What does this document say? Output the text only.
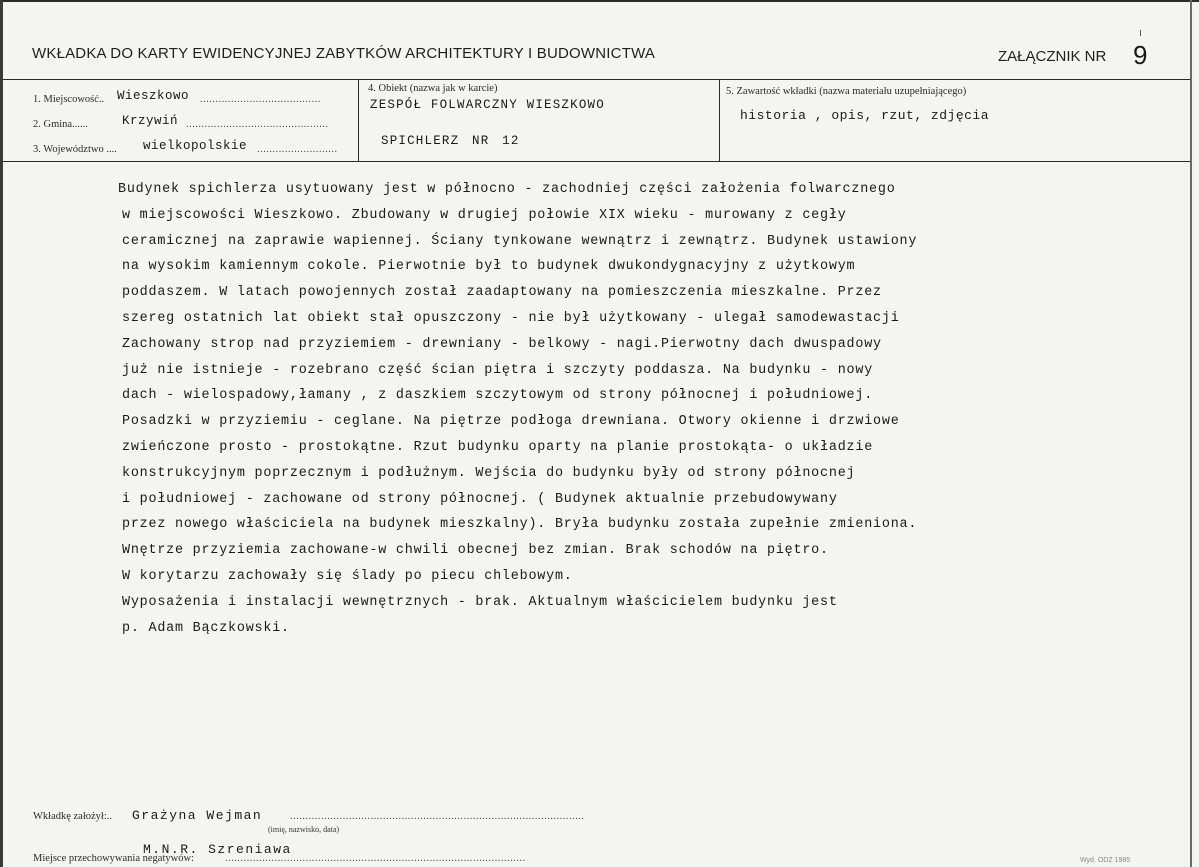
WKŁADKA DO KARTY EWIDENCYJNEJ ZABYTKÓW ARCHITEKTURY I BUDOWNICTWA	ZAŁĄCZNIK NR 9
1. Miejscowość.. Wieszkowo .......................................
2. Gmina......	Krzywiń ..............................................
3. Województwo .... wielkopolskie ..........................
4. Obiekt (nazwa jak w karcie)
ZESPÓŁ FOLWARCZNY WIESZKOWO
SPICHLERZ NR 12
5. Zawartość wkładki (nazwa materiału uzupełniającego)
historia , opis, rzut, zdjęcia
Budynek spichlerza usytuowany jest w północno - zachodniej części założenia folwarcznego
w miejscowości Wieszkowo. Zbudowany w drugiej połowie XIX wieku - murowany z cegły
ceramicznej na zaprawie wapiennej. Ściany tynkowane wewnątrz i zewnątrz. Budynek ustawiony
na wysokim kamiennym cokole. Pierwotnie był to budynek dwukondygnacyjny z użytkowym
poddaszem. W latach powojennych został zaadaptowany na pomieszczenia mieszkalne. Przez
szereg ostatnich lat obiekt stał opuszczony - nie był użytkowany - ulegał samodewastacji
Zachowany strop nad przyziemiem - drewniany - belkowy - nagi.Pierwotny dach dwuspadowy
już nie istnieje - rozebrano część ścian piętra i szczyty poddasza. Na budynku - nowy
dach - wielospadowy,łamany , z daszkiem szczytowym od strony północnej i południowej.
Posadzki w przyziemiu - ceglane. Na piętrze podłoga drewniana. Otwory okienne i drzwiowe
zwieńczone prosto - prostokątne. Rzut budynku oparty na planie prostokąta- o układzie
konstrukcyjnym poprzecznym i podłużnym. Wejścia do budynku były od strony północnej
i południowej - zachowane od strony północnej. ( Budynek aktualnie przebudowywany
przez nowego właściciela na budynek mieszkalny). Bryła budynku została zupełnie zmieniona.
Wnętrze przyziemia zachowane-w chwili obecnej bez zmian. Brak schodów na piętro.
W korytarzu zachowały się ślady po piecu chlebowym.
Wyposażenia i instalacji wewnętrznych - brak. Aktualnym właścicielem budynku jest
p. Adam Bączkowski.
Wkładkę założył:.. Grażyna Wejman	...............................................................................................
(imię, nazwisko, data)
Miejsce przechowywania negatywów:
M.N.R. Szreniawa
.................................................................................................	Wyd. ODZ 1985
